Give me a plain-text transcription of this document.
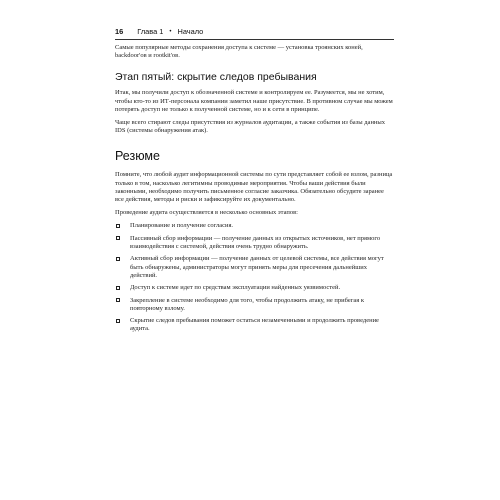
16 Глава 1 • Начало

Самые популярные методы сохранения доступа к системе — установка троянских коней, backdoor'ов и rootkit'ов.

Этап пятый: скрытие следов пребывания

Итак, мы получили доступ к обозначенной системе и контролируем ее. Разумеется, мы не хотим, чтобы кто-то из ИТ-персонала компании заметил наше присутствие. В противном случае мы можем потерять доступ не только к полученной системе, но и к сети в принципе.

Чаще всего стирают следы присутствия из журналов аудитации, а также события из базы данных IDS (системы обнаружения атак).

Резюме

Помните, что любой аудит информационной системы по сути представляет собой ее взлом, разница только в том, насколько легитимны проводимые мероприятия. Чтобы ваши действия были законными, необходимо получить письменное согласие заказчика. Обязательно обсудите заранее все действия, методы и риски и зафиксируйте их документально.

Проведение аудита осуществляется в несколько основных этапов:

Планирование и получение согласия.
Пассивный сбор информации — получение данных из открытых источников, нет прямого взаимодействия с системой, действия очень трудно обнаружить.
Активный сбор информации — получение данных от целевой системы, все действия могут быть обнаружены, администраторы могут принять меры для пресечения дальнейших действий.
Доступ к системе идет по средствам эксплуатации найденных уязвимостей.
Закрепление в системе необходимо для того, чтобы продолжить атаку, не прибегая к повторному взлому.
Скрытие следов пребывания поможет остаться незамеченными и продолжить проведение аудита.
